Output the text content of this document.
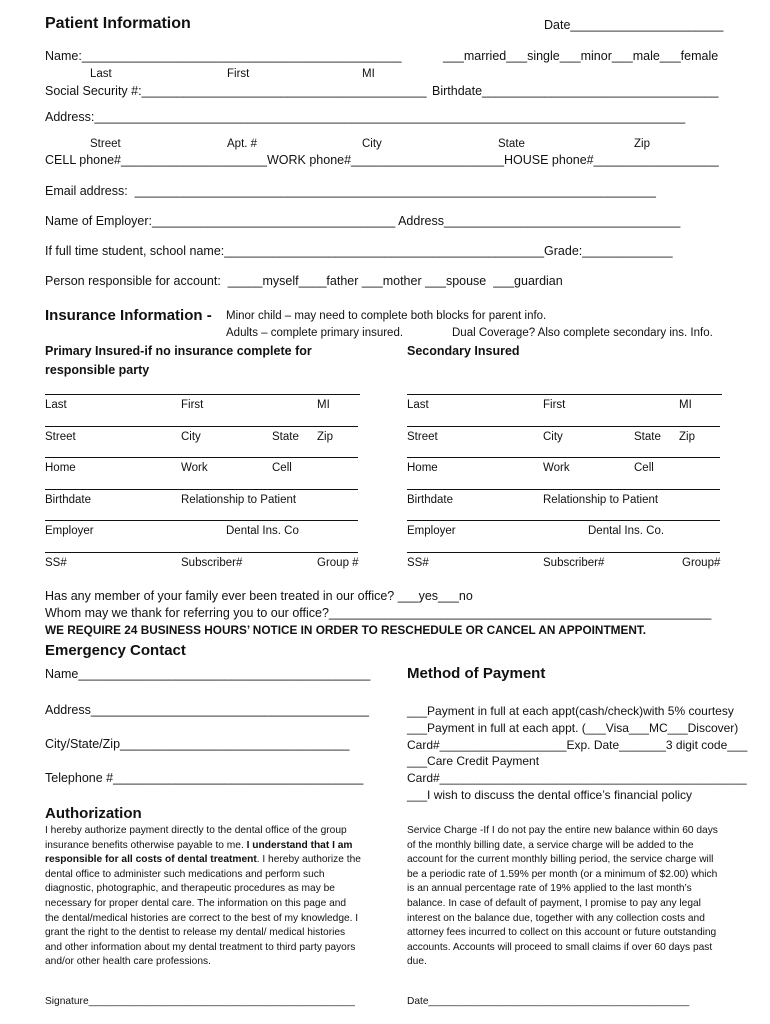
Patient Information	Date______________________
Name:______________________________________________	___married___single___minor___male___female
Last	First	MI
Social Security #:_________________________________________ Birthdate__________________________________
Address:_____________________________________________________________________________________
Street	Apt. #	City	State	Zip
CELL phone#_____________________WORK phone#______________________HOUSE phone#__________________
Email address:  ___________________________________________________________________________
Name of Employer:___________________________________ Address__________________________________
If full time student, school name:______________________________________________Grade:_____________
Person responsible for account:  _____myself____father ___mother ___spouse  ___guardian
Insurance Information - Minor child – may need to complete both blocks for parent info.
Adults – complete primary insured.	Dual Coverage? Also complete secondary ins. Info.
Primary Insured-if no insurance complete for
responsible party
Secondary Insured
Last	First	MI
Street	City	State Zip
Home	Work	Cell
Birthdate	Relationship to Patient
Employer	Dental Ins. Co
SS#	Subscriber#	Group #
Last	First	MI
Street	City	State Zip
Home	Work	Cell
Birthdate	Relationship to Patient
Employer	Dental Ins. Co.
SS#	Subscriber#	Group#
Has any member of your family ever been treated in our office? ___yes___no
Whom may we thank for referring you to our office?_______________________________________________________
WE REQUIRE 24 BUSINESS HOURS’ NOTICE IN ORDER TO RESCHEDULE OR CANCEL AN APPOINTMENT.
Emergency Contact
Name__________________________________________
Address________________________________________
City/State/Zip_________________________________
Telephone #____________________________________
Method of Payment
___Payment in full at each appt(cash/check)with 5% courtesy
___Payment in full at each appt. (___Visa___MC___Discover)
Card#___________________Exp. Date_______3 digit code___
___Care Credit Payment
Card#______________________________________________
___I wish to discuss the dental office’s financial policy
Authorization
I hereby authorize payment directly to the dental office of the group insurance benefits otherwise payable to me. I understand that I am responsible for all costs of dental treatment. I hereby authorize the dental office to administer such medications and perform such diagnostic, photographic, and therapeutic procedures as may be necessary for proper dental care. The information on this page and the dental/medical histories are correct to the best of my knowledge. I grant the right to the dentist to release my dental/ medical histories and other information about my dental treatment to third party payors and/or other health care professions.
Service Charge -If I do not pay the entire new balance within 60 days of the monthly billing date, a service charge will be added to the account for the current monthly billing period, the service charge will be a periodic rate of 1.59% per month (or a minimum of $2.00) which is an annual percentage rate of 19% applied to the last month’s balance. In case of default of payment, I promise to pay any legal interest on the balance due, together with any collection costs and attorney fees incurred to collect on this account or future outstanding accounts. Accounts will proceed to small claims if over 60 days past due.
Signature_______________________________________________	Date______________________________________________
